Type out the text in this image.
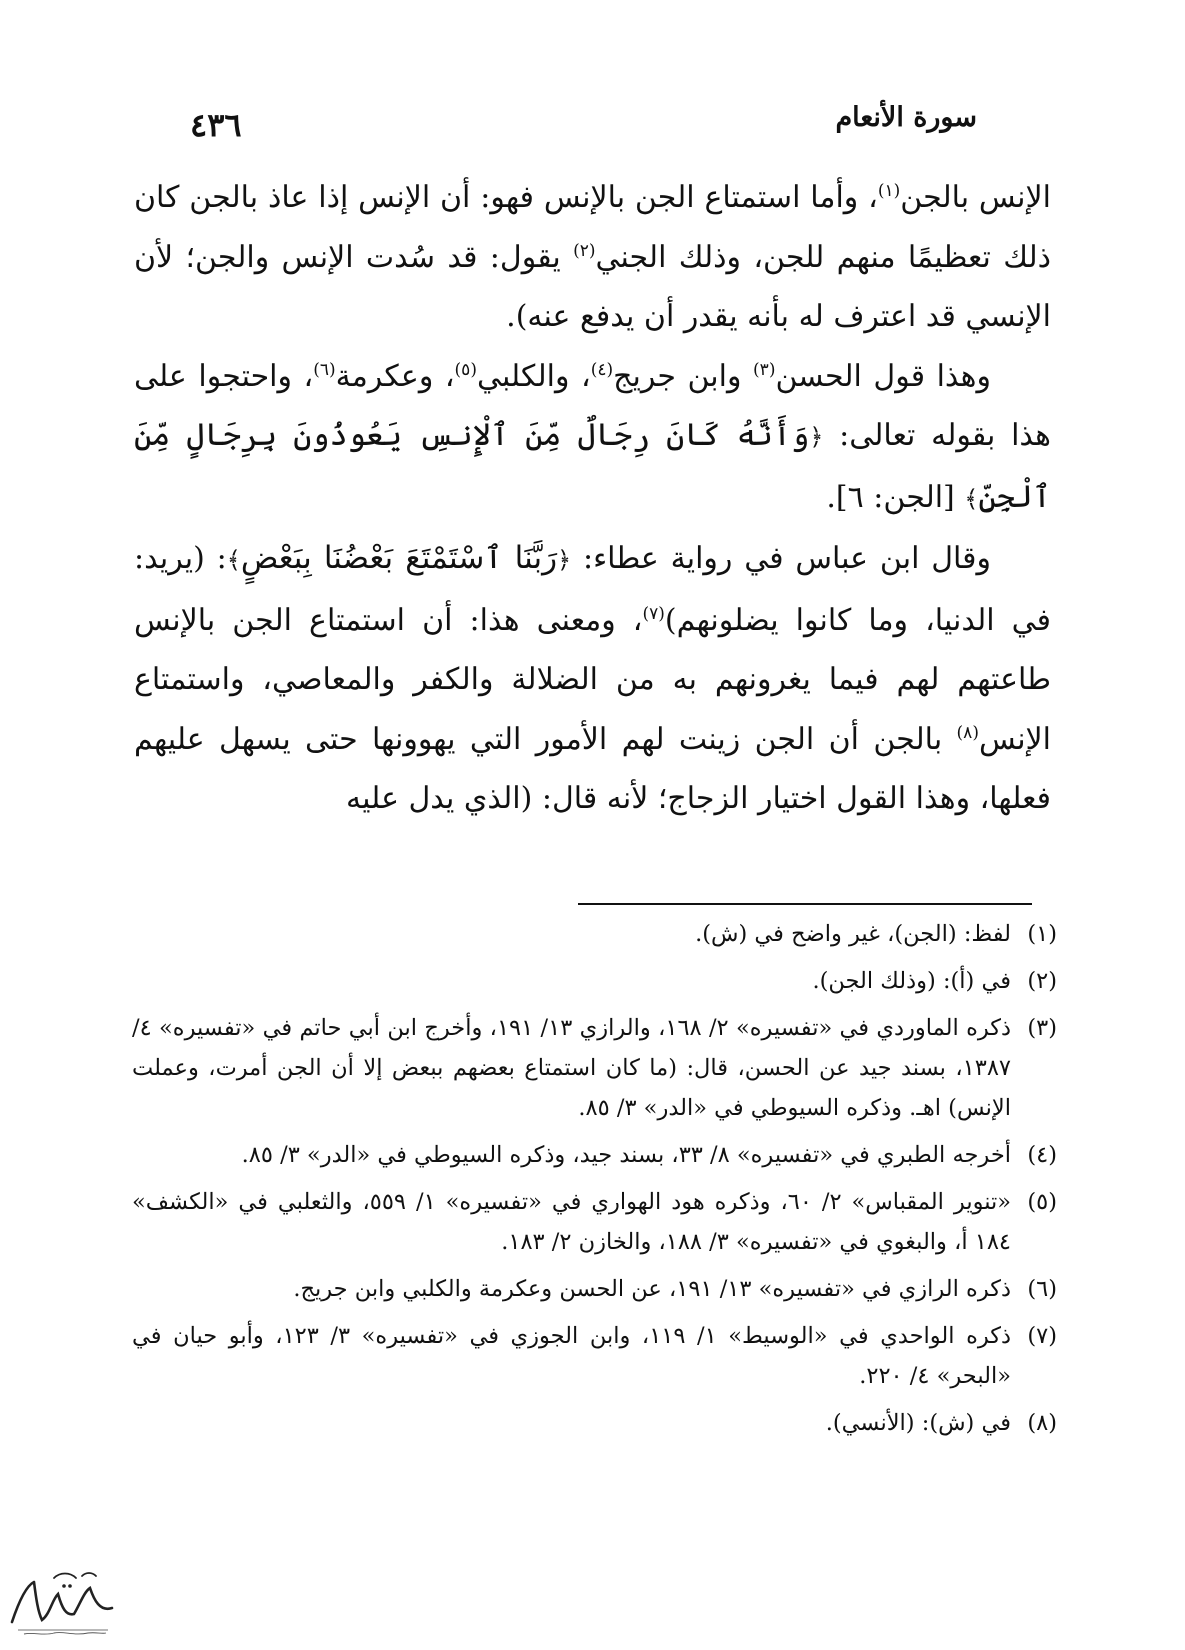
سورة الأنعام
٤٣٦

الإنس بالجن$^{(١)}$، وأما استمتاع الجن بالإنس فهو: أن الإنس إذا عاذ بالجن كان ذلك تعظيمًا منهم للجن، وذلك الجني$^{(٢)}$ يقول: قد سُدت الإنس والجن؛ لأن الإنسي قد اعترف له بأنه يقدر أن يدفع عنه).

وهذا قول الحسن$^{(٣)}$ وابن جريج$^{(٤)}$، والكلبي$^{(٥)}$، وعكرمة$^{(٦)}$، واحتجوا على هذا بقوله تعالى: ﴿وَأَنَّهُ كَانَ رِجَالٌ مِّنَ ٱلْإِنسِ يَعُوذُونَ بِرِجَالٍ مِّنَ ٱلْجِنِّ﴾ [الجن: ٦].

وقال ابن عباس في رواية عطاء: ﴿رَبَّنَا ٱسْتَمْتَعَ بَعْضُنَا بِبَعْضٍ﴾: (يريد: في الدنيا، وما كانوا يضلونهم)$^{(٧)}$، ومعنى هذا: أن استمتاع الجن بالإنس طاعتهم لهم فيما يغرونهم به من الضلالة والكفر والمعاصي، واستمتاع الإنس$^{(٨)}$ بالجن أن الجن زينت لهم الأمور التي يهوونها حتى يسهل عليهم فعلها، وهذا القول اختيار الزجاج؛ لأنه قال: (الذي يدل عليه

(١)
لفظ: (الجن)، غير واضح في (ش).
(٢)
في (أ): (وذلك الجن).
(٣)
ذكره الماوردي في «تفسيره» ٢/ ١٦٨، والرازي ١٣/ ١٩١، وأخرج ابن أبي حاتم في «تفسيره» ٤/ ١٣٨٧، بسند جيد عن الحسن، قال: (ما كان استمتاع بعضهم ببعض إلا أن الجن أمرت، وعملت الإنس) اهـ. وذكره السيوطي في «الدر» ٣/ ٨٥.
(٤)
أخرجه الطبري في «تفسيره» ٨/ ٣٣، بسند جيد، وذكره السيوطي في «الدر» ٣/ ٨٥.
(٥)
«تنوير المقباس» ٢/ ٦٠، وذكره هود الهواري في «تفسيره» ١/ ٥٥٩، والثعلبي في «الكشف» ١٨٤ أ، والبغوي في «تفسيره» ٣/ ١٨٨، والخازن ٢/ ١٨٣.
(٦)
ذكره الرازي في «تفسيره» ١٣/ ١٩١، عن الحسن وعكرمة والكلبي وابن جريج.
(٧)
ذكره الواحدي في «الوسيط» ١/ ١١٩، وابن الجوزي في «تفسيره» ٣/ ١٢٣، وأبو حيان في «البحر» ٤/ ٢٢٠.
(٨)
في (ش): (الأنسي).
